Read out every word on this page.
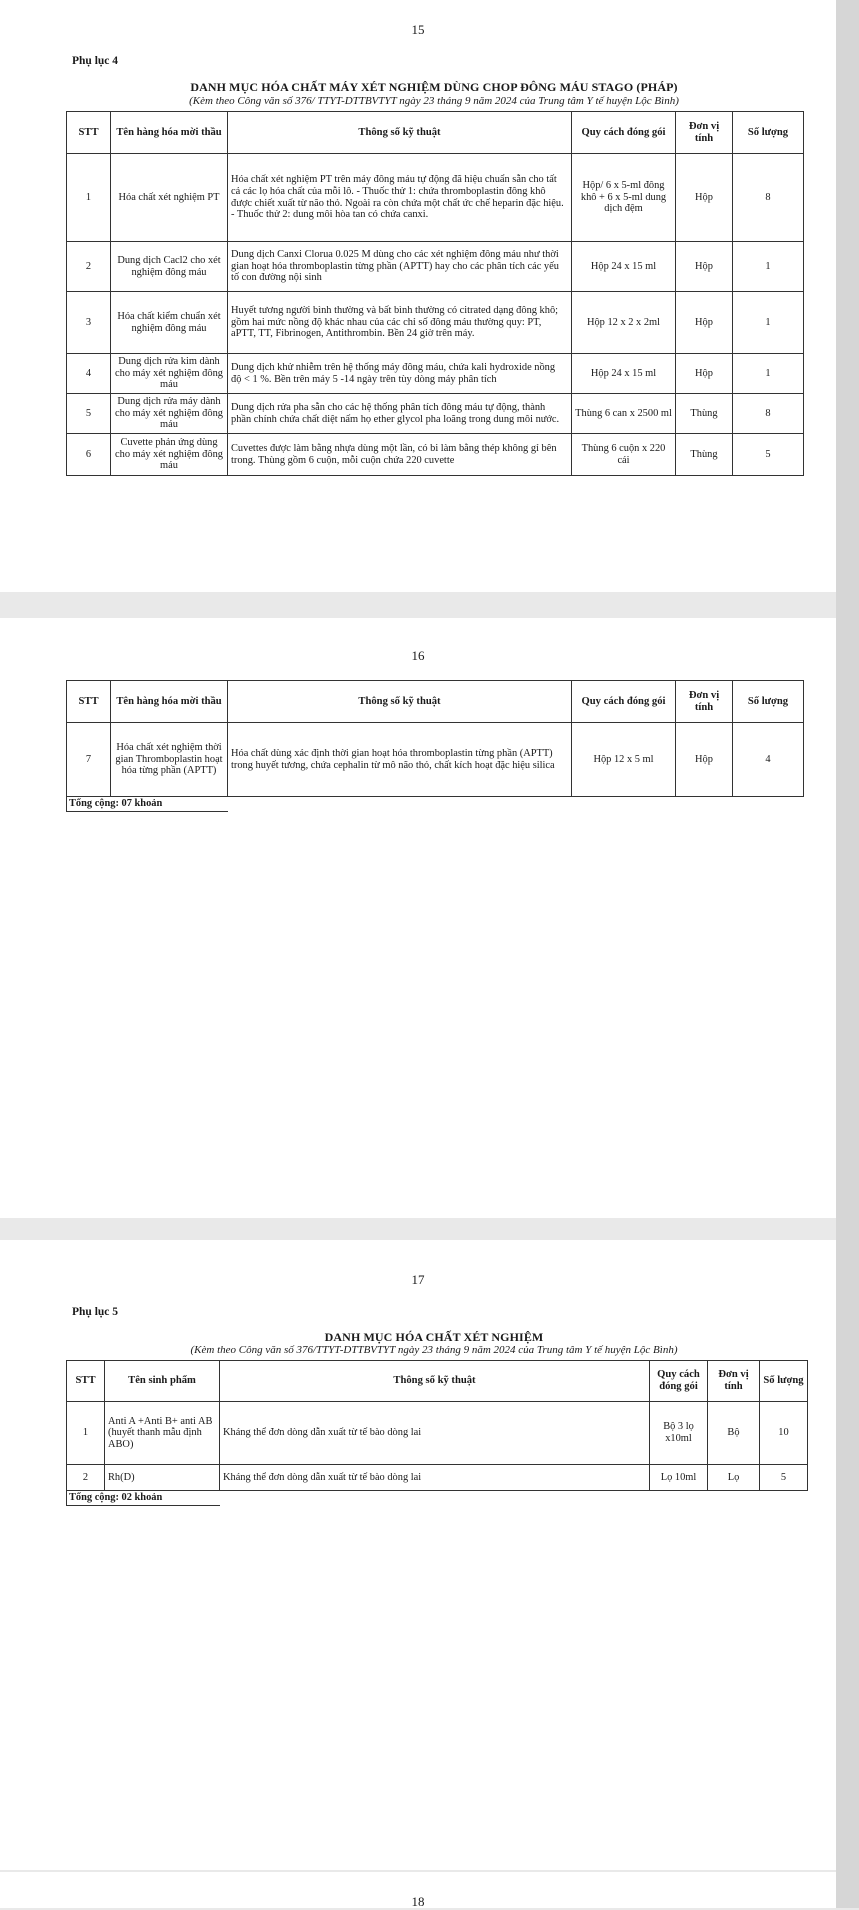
15
Phụ lục 4
DANH MỤC HÓA CHẤT MÁY XÉT NGHIỆM DÙNG CHOP ĐÔNG MÁU STAGO (PHÁP)
(Kèm theo Công văn số 376/ TTYT-DTTBVTYT ngày 23 tháng 9 năm 2024 của Trung tâm Y tế huyện Lộc Bình)
STT	Tên hàng hóa mời thầu	Thông số kỹ thuật	Quy cách đóng gói	Đơn vị tính	Số lượng
1	Hóa chất xét nghiệm PT	Hóa chất xét nghiệm PT trên máy đông máu tự động đã hiệu chuẩn sẵn cho tất cả các lọ hóa chất của mỗi lô. - Thuốc thử 1: chứa thromboplastin đông khô được chiết xuất từ não thỏ. Ngoài ra còn chứa một chất ức chế heparin đặc hiệu. - Thuốc thử 2: dung môi hòa tan có chứa canxi.	Hộp/ 6 x 5-ml đông khô + 6 x 5-ml dung dịch đệm	Hộp	8
2	Dung dịch Cacl2 cho xét nghiệm đông máu	Dung dịch Canxi Clorua 0.025 M dùng cho các xét nghiệm đông máu như thời gian hoạt hóa thromboplastin từng phần (APTT) hay cho các phân tích các yếu tố con đường nội sinh	Hộp 24 x 15 ml	Hộp	1
3	Hóa chất kiểm chuẩn xét nghiệm đông máu	Huyết tương người bình thường và bất bình thường có citrated dạng đông khô; gồm hai mức nồng độ khác nhau của các chỉ số đông máu thường quy: PT, aPTT, TT, Fibrinogen, Antithrombin. Bền 24 giờ trên máy.	Hộp 12 x 2 x 2ml	Hộp	1
4	Dung dịch rửa kim dành cho máy xét nghiệm đông máu	Dung dịch khử nhiễm trên hệ thống máy đông máu, chứa kali hydroxide nồng độ < 1 %. Bền trên máy 5 -14 ngày trên tùy dòng máy phân tích	Hộp 24 x 15 ml	Hộp	1
5	Dung dịch rửa máy dành cho máy xét nghiệm đông máu	Dung dịch rửa pha sẵn cho các hệ thống phân tích đông máu tự động, thành phần chính chứa chất diệt nấm họ ether glycol pha loãng trong dung môi nước.	Thùng 6 can x 2500 ml	Thùng	8
6	Cuvette phản ứng dùng cho máy xét nghiệm đông máu	Cuvettes được làm bằng nhựa dùng một lần, có bi làm bằng thép không gỉ bên trong. Thùng gồm 6 cuộn, mỗi cuộn chứa 220 cuvette	Thùng 6 cuộn x 220 cái	Thùng	5
16
STT	Tên hàng hóa mời thầu	Thông số kỹ thuật	Quy cách đóng gói	Đơn vị tính	Số lượng
7	Hóa chất xét nghiệm thời gian Thromboplastin hoạt hóa từng phần (APTT)	Hóa chất dùng xác định thời gian hoạt hóa thromboplastin từng phần (APTT) trong huyết tương, chứa cephalin từ mô não thỏ, chất kích hoạt đặc hiệu silica	Hộp 12 x 5 ml	Hộp	4
Tổng cộng: 07 khoản					
17
Phụ lục 5
DANH MỤC HÓA CHẤT XÉT NGHIỆM
(Kèm theo Công văn số 376/TTYT-DTTBVTYT ngày 23 tháng 9 năm 2024 của Trung tâm Y tế huyện Lộc Bình)
STT	Tên sinh phẩm	Thông số kỹ thuật	Quy cách đóng gói	Đơn vị tính	Số lượng
1	Anti A +Anti B+ anti AB (huyết thanh mẫu định ABO)	Kháng thể đơn dòng dẫn xuất từ tế bào dòng lai	Bộ 3 lọ x10ml	Bộ	10
2	Rh(D)	Kháng thể đơn dòng dẫn xuất từ tế bào dòng lai	Lọ 10ml	Lọ	5
Tổng cộng: 02 khoản					
18
